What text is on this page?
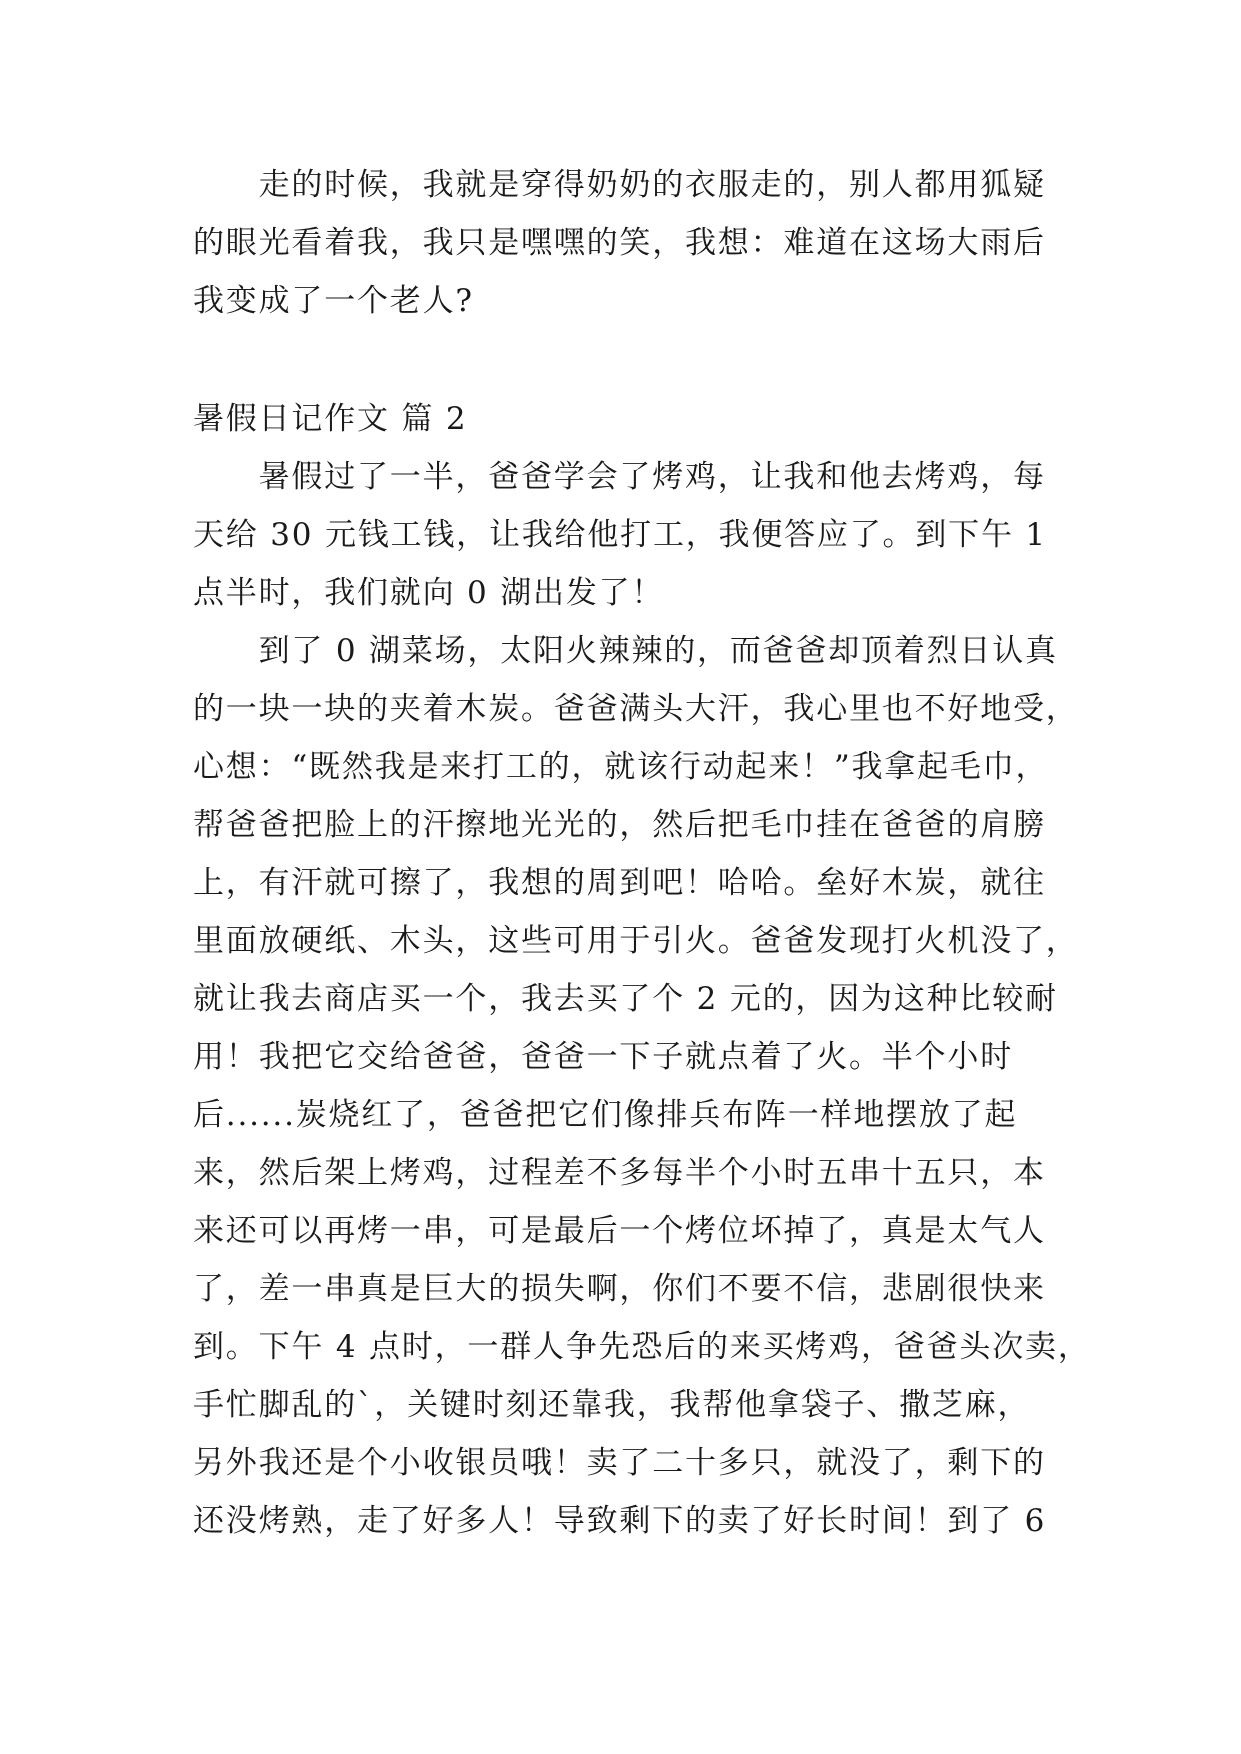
　　走的时候，我就是穿得奶奶的衣服走的，别人都用狐疑
的眼光看着我，我只是嘿嘿的笑，我想：难道在这场大雨后
我变成了一个老人?
暑假日记作文 篇 2
　　暑假过了一半，爸爸学会了烤鸡，让我和他去烤鸡，每
天给 30 元钱工钱，让我给他打工，我便答应了。到下午 1
点半时，我们就向 0 湖出发了！
　　到了 0 湖菜场，太阳火辣辣的，而爸爸却顶着烈日认真
的一块一块的夹着木炭。爸爸满头大汗，我心里也不好地受，
心想：“既然我是来打工的，就该行动起来！”我拿起毛巾，
帮爸爸把脸上的汗擦地光光的，然后把毛巾挂在爸爸的肩膀
上，有汗就可擦了，我想的周到吧！哈哈。垒好木炭，就往
里面放硬纸、木头，这些可用于引火。爸爸发现打火机没了，
就让我去商店买一个，我去买了个 2 元的，因为这种比较耐
用！我把它交给爸爸，爸爸一下子就点着了火。半个小时
后......炭烧红了，爸爸把它们像排兵布阵一样地摆放了起
来，然后架上烤鸡，过程差不多每半个小时五串十五只，本
来还可以再烤一串，可是最后一个烤位坏掉了，真是太气人
了，差一串真是巨大的损失啊，你们不要不信，悲剧很快来
到。下午 4 点时，一群人争先恐后的来买烤鸡，爸爸头次卖，
手忙脚乱的`，关键时刻还靠我，我帮他拿袋子、撒芝麻，
另外我还是个小收银员哦！卖了二十多只，就没了，剩下的
还没烤熟，走了好多人！导致剩下的卖了好长时间！到了 6
